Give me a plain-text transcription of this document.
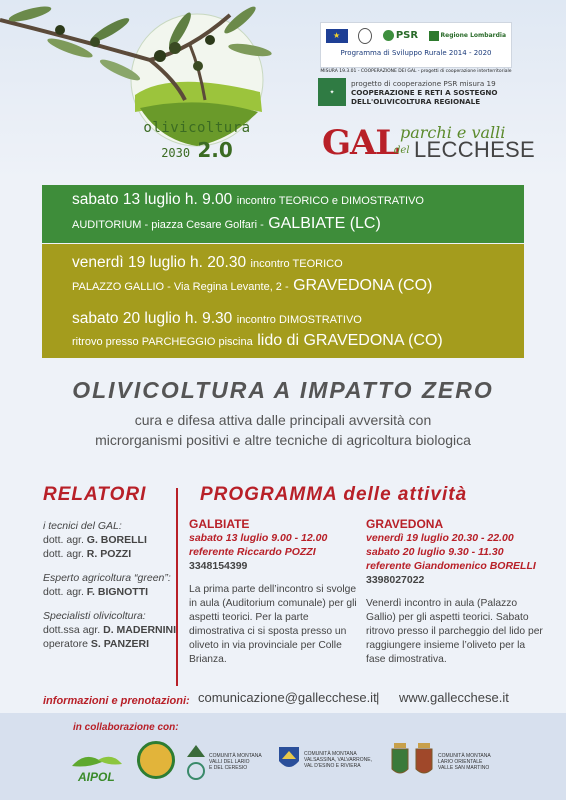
olivicoltura
2030 2.0
★
PSR	Regione Lombardia
Programma di Sviluppo Rurale 2014 - 2020
MISURA 19.3.01 - COOPERAZIONE DEI GAL - progetti di cooperazione interterritoriale
✦
progetto di cooperazione PSR misura 19
COOPERAZIONE E RETI A SOSTEGNO
DELL'OLIVICOLTURA REGIONALE
GAL parchi e valli
del LECCHESE
sabato 13 luglio h. 9.00 incontro TEORICO e DIMOSTRATIVO
AUDITORIUM - piazza Cesare Golfari - GALBIATE (LC)
venerdì 19 luglio h. 20.30 incontro TEORICO
PALAZZO GALLIO - Via Regina Levante, 2 - GRAVEDONA (CO)
sabato 20 luglio h. 9.30 incontro DIMOSTRATIVO
ritrovo presso PARCHEGGIO piscina lido di GRAVEDONA (CO)
OLIVICOLTURA A IMPATTO ZERO
cura e difesa attiva dalle principali avversità con
microrganismi positivi e altre tecniche di agricoltura biologica
RELATORI
i tecnici del GAL:
dott. agr. G. BORELLI
dott. agr. R. POZZI
Esperto agricoltura “green”:
dott. agr. F. BIGNOTTI
Specialisti olivicoltura:
dott.ssa agr. D. MADERNINI
operatore S. PANZERI
PROGRAMMA delle attività
GALBIATE
sabato 13 luglio 9.00 - 12.00
referente Riccardo POZZI
3348154399
La prima parte dell’incontro si svolge in aula (Auditorium comunale) per gli aspetti teorici. Per la parte dimostrativa ci si sposta presso un oliveto in via provinciale per Colle Brianza.
GRAVEDONA
venerdì 19 luglio 20.30 - 22.00
sabato 20 luglio 9.30 - 11.30
referente Giandomenico BORELLI
3398027022
Venerdì incontro in aula (Palazzo Gallio) per gli aspetti teorici. Sabato ritrovo presso il parcheggio del lido per raggiungere insieme l’oliveto per la fase dimostrativa.
informazioni e prenotazioni: comunicazione@gallecchese.it | www.gallecchese.it
in collaborazione con:
AIPOL
COMUNITÀ MONTANA
VALLI DEL LARIO
E DEL CERESIO
COMUNITÀ MONTANA
VALSASSINA, VALVARRONE,
VAL D'ESINO E RIVIERA
COMUNITÀ MONTANA
LARIO ORIENTALE
VALLE SAN MARTINO
